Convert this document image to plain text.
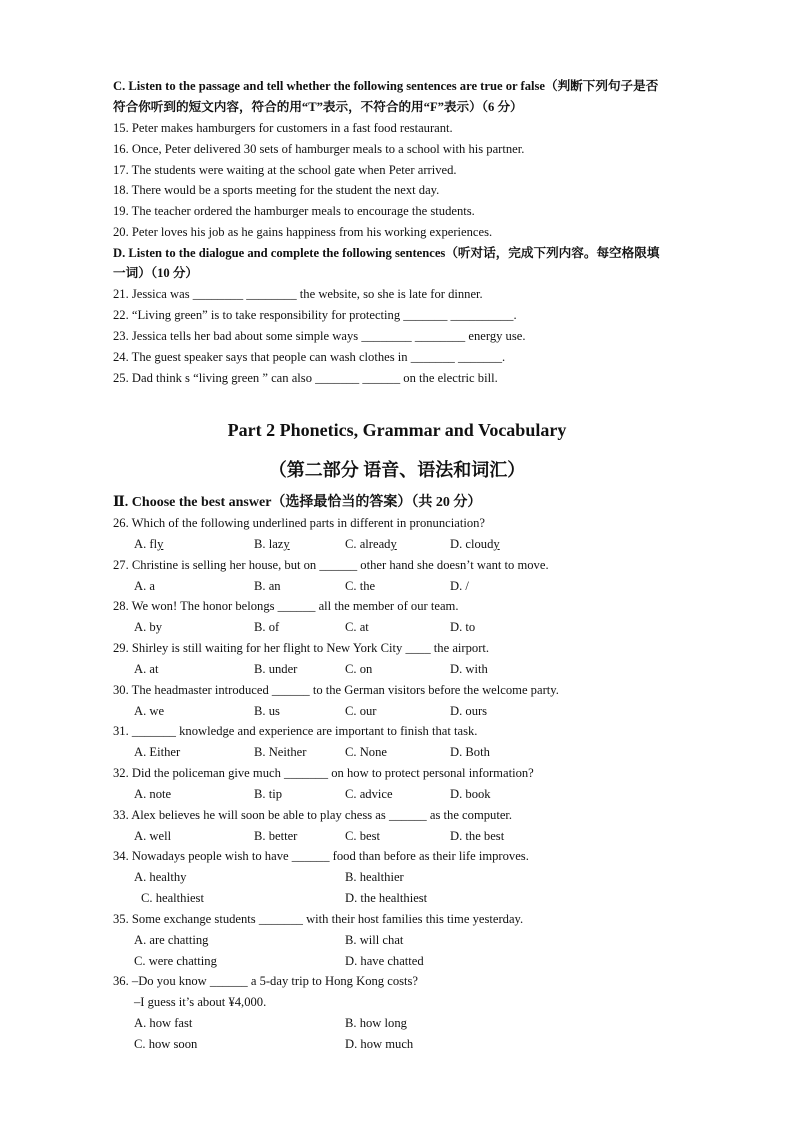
C. Listen to the passage and tell whether the following sentences are true or false（判断下列句子是否
符合你听到的短文内容，符合的用“T”表示，不符合的用“F”表示）（6 分）
15. Peter makes hamburgers for customers in a fast food restaurant.
16. Once, Peter delivered 30 sets of hamburger meals to a school with his partner.
17. The students were waiting at the school gate when Peter arrived.
18. There would be a sports meeting for the student the next day.
19. The teacher ordered the hamburger meals to encourage the students.
20. Peter loves his job as he gains happiness from his working experiences.
D. Listen to the dialogue and complete the following sentences（听对话，完成下列内容。每空格限填
一词）（10 分）
21. Jessica was ________ ________ the website, so she is late for dinner.
22. “Living green” is to take responsibility for protecting _______ __________.
23. Jessica tells her bad about some simple ways ________ ________ energy use.
24. The guest speaker says that people can wash clothes in _______ _______.
25. Dad think s “living green ” can also _______ ______ on the electric bill.
Part 2 Phonetics, Grammar and Vocabulary
（第二部分 语音、语法和词汇）
Ⅱ. Choose the best answer（选择最恰当的答案）（共 20 分）
26. Which of the following underlined parts in different in pronunciation?
A. fly	B. lazy	C. already	D. cloudy
27. Christine is selling her house, but on ______ other hand she doesn’t want to move.
A. a	B. an	C. the	D. /
28. We won! The honor belongs ______ all the member of our team.
A. by	B. of	C. at	D. to
29. Shirley is still waiting for her flight to New York City ____ the airport.
A. at	B. under	C. on	D. with
30. The headmaster introduced ______ to the German visitors before the welcome party.
A. we	B. us	C. our	D. ours
31. _______ knowledge and experience are important to finish that task.
A. Either	B. Neither	C. None	D. Both
32. Did the policeman give much _______ on how to protect personal information?
A. note	B. tip	C. advice	D. book
33. Alex believes he will soon be able to play chess as ______ as the computer.
A. well	B. better	C. best	D. the best
34. Nowadays people wish to have ______ food than before as their life improves.
A. healthy	B. healthier
C. healthiest	D. the healthiest
35. Some exchange students _______ with their host families this time yesterday.
A. are chatting	B. will chat
C. were chatting	D. have chatted
36. –Do you know ______ a 5-day trip to Hong Kong costs?
–I guess it’s about ¥4,000.
A. how fast	B. how long
C. how soon	D. how much
